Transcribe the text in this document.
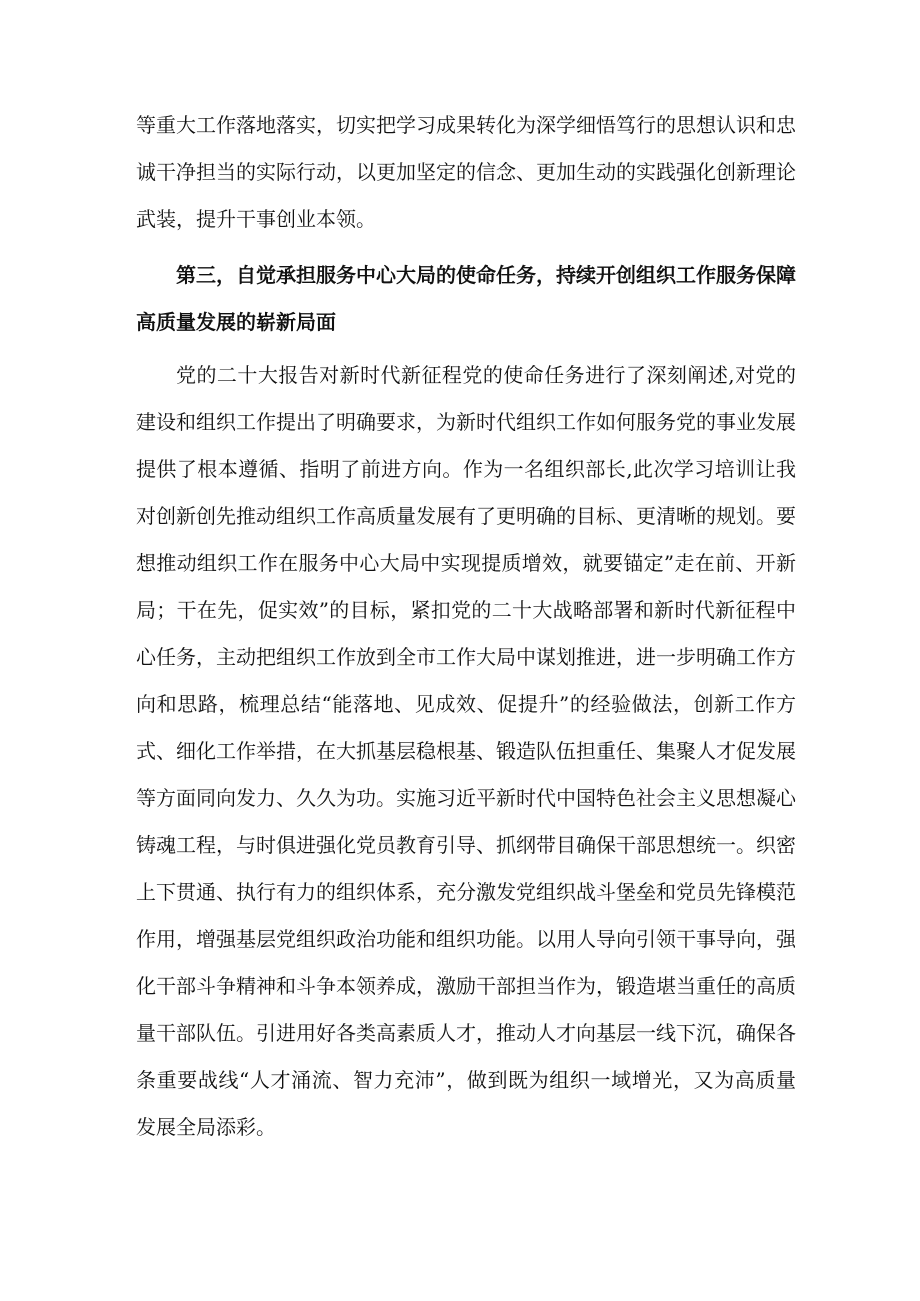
等重大工作落地落实，切实把学习成果转化为深学细悟笃行的思想认识和忠诚干净担当的实际行动，以更加坚定的信念、更加生动的实践强化创新理论武装，提升干事创业本领。

第三，自觉承担服务中心大局的使命任务，持续开创组织工作服务保障高质量发展的崭新局面

党的二十大报告对新时代新征程党的使命任务进行了深刻阐述,对党的建设和组织工作提出了明确要求，为新时代组织工作如何服务党的事业发展提供了根本遵循、指明了前进方向。作为一名组织部长,此次学习培训让我对创新创先推动组织工作高质量发展有了更明确的目标、更清晰的规划。要想推动组织工作在服务中心大局中实现提质增效，就要锚定”走在前、开新局；干在先，促实效”的目标，紧扣党的二十大战略部署和新时代新征程中心任务，主动把组织工作放到全市工作大局中谋划推进，进一步明确工作方向和思路，梳理总结“能落地、见成效、促提升”的经验做法，创新工作方式、细化工作举措，在大抓基层稳根基、锻造队伍担重任、集聚人才促发展等方面同向发力、久久为功。实施习近平新时代中国特色社会主义思想凝心铸魂工程，与时俱进强化党员教育引导、抓纲带目确保干部思想统一。织密上下贯通、执行有力的组织体系，充分激发党组织战斗堡垒和党员先锋模范作用，增强基层党组织政治功能和组织功能。以用人导向引领干事导向，强化干部斗争精神和斗争本领养成，激励干部担当作为，锻造堪当重任的高质量干部队伍。引进用好各类高素质人才，推动人才向基层一线下沉，确保各条重要战线“人才涌流、智力充沛”，做到既为组织一域增光，又为高质量发展全局添彩。
